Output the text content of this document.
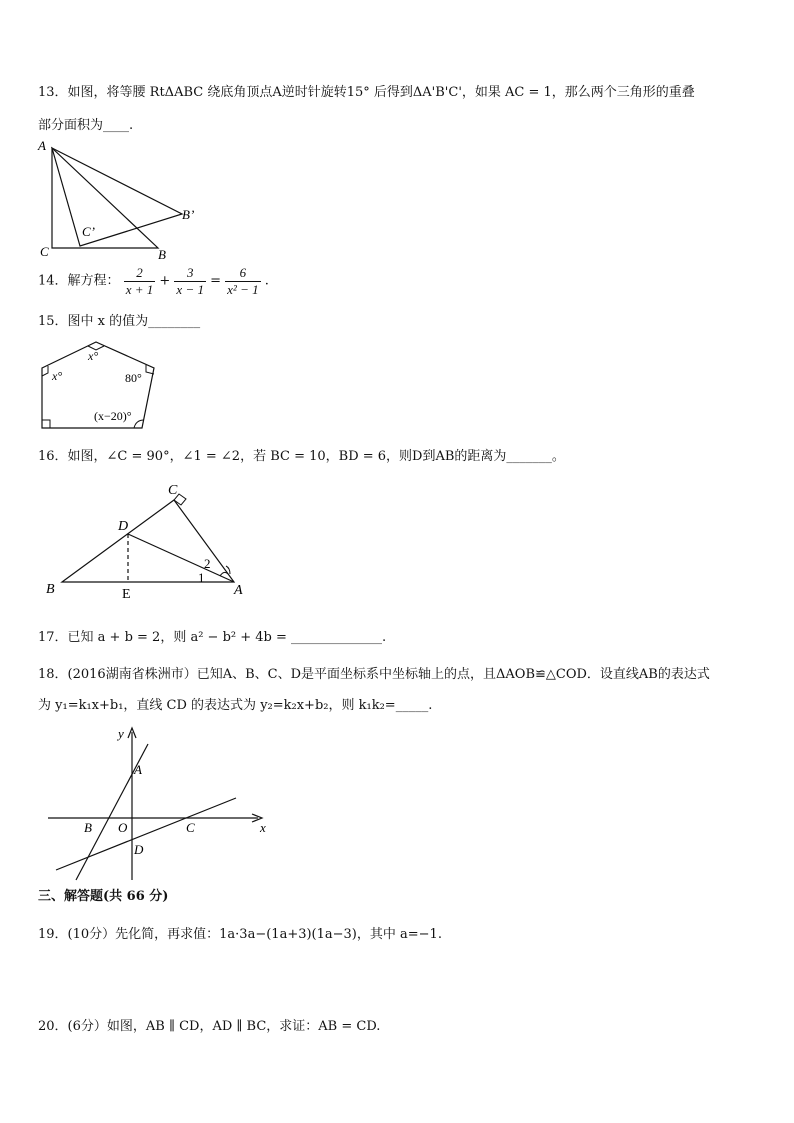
13．如图，将等腰 RtΔABC 绕底角顶点A逆时针旋转15° 后得到ΔA'B'C'，如果 AC = 1，那么两个三角形的重叠
部分面积为____.
A
C	B
B’
C’
14．解方程： $\frac{2}{x + 1} + \frac{3}{x - 1} = \frac{6}{\text{x² − 1}}$ .
15．图中 x 的值为________
x°
x°	80°
(x−20)°
16．如图，∠C = 90°，∠1 = ∠2，若 BC = 10，BD = 6，则D到AB的距离为_______。
C
D
B	A
E
1
2
17．已知 a + b = 2，则 a² − b² + 4b = ______________.
18．(2016湖南省株洲市）已知A、B、C、D是平面坐标系中坐标轴上的点，且ΔAOB≌△COD．设直线AB的表达式
为 y₁=k₁x+b₁，直线 CD 的表达式为 y₂=k₂x+b₂，则 k₁k₂=_____.
y
x
A
B O	C
D
三、解答题(共 66 分)
19．(10分）先化简，再求值：1a·3a−(1a+3)(1a−3)，其中 a=−1.
20．(6分）如图，AB ∥ CD，AD ∥ BC，求证：AB = CD.
